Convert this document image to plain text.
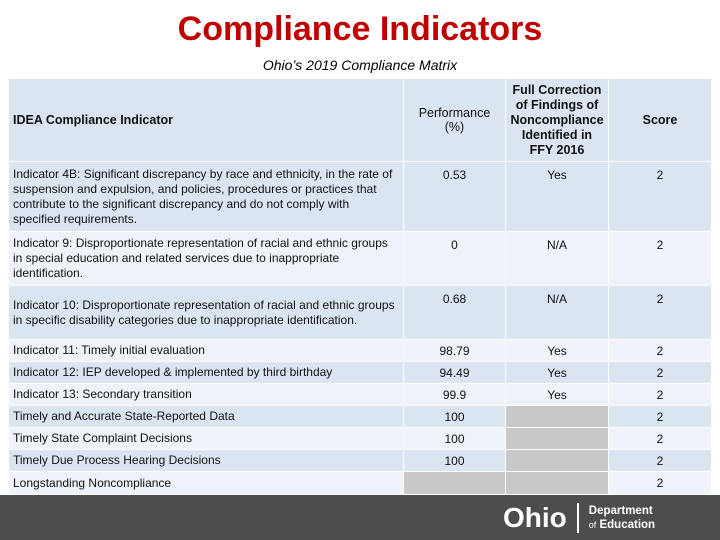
Compliance Indicators
Ohio’s 2019 Compliance Matrix
IDEA Compliance Indicator	Performance (%)	Full Correction of Findings of Noncompliance Identified in FFY 2016	Score
Indicator 4B: Significant discrepancy by race and ethnicity, in the rate of suspension and expulsion, and policies, procedures or practices that contribute to the significant discrepancy and do not comply with specified requirements.	0.53	Yes	2
Indicator 9: Disproportionate representation of racial and ethnic groups in special education and related services due to inappropriate identification.	0	N/A	2
Indicator 10: Disproportionate representation of racial and ethnic groups in specific disability categories due to inappropriate identification.	0.68	N/A	2
Indicator 11: Timely initial evaluation	98.79	Yes	2
Indicator 12: IEP developed & implemented by third birthday	94.49	Yes	2
Indicator 13: Secondary transition	99.9	Yes	2
Timely and Accurate State-Reported Data	100		2
Timely State Complaint Decisions	100		2
Timely Due Process Hearing Decisions	100		2
Longstanding Noncompliance			2
Ohio Department
of Education
